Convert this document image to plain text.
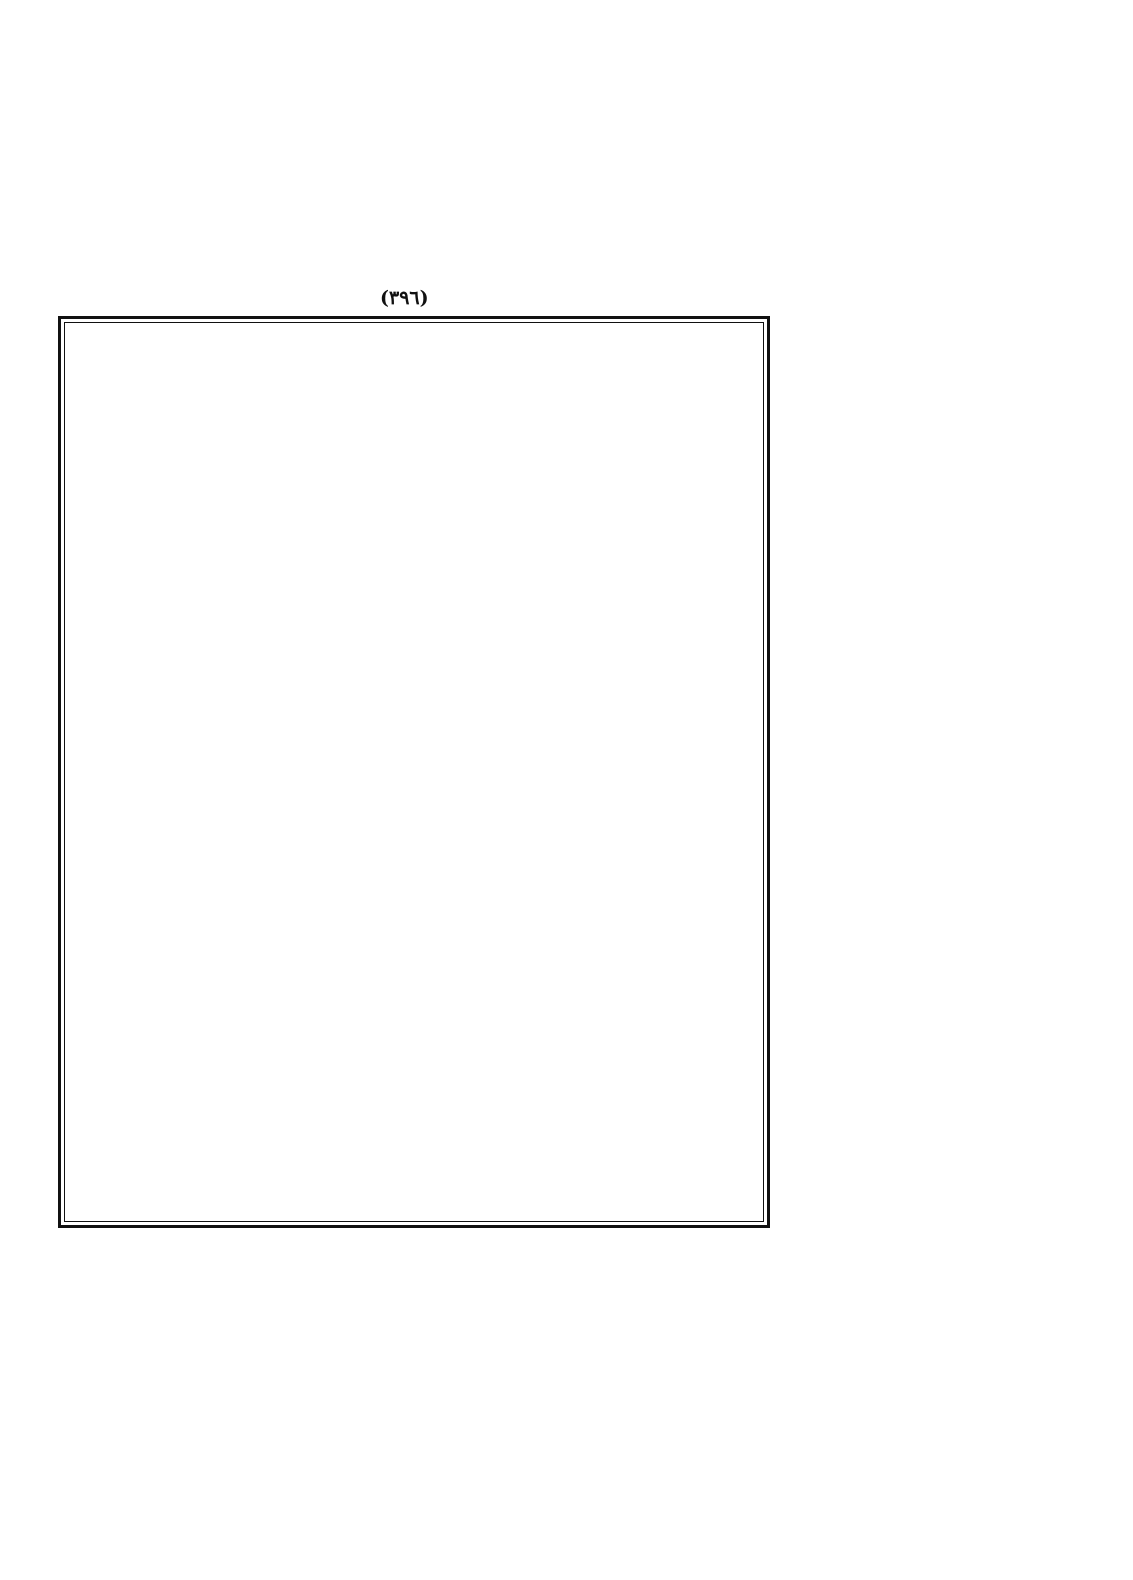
(٣٩٦)
